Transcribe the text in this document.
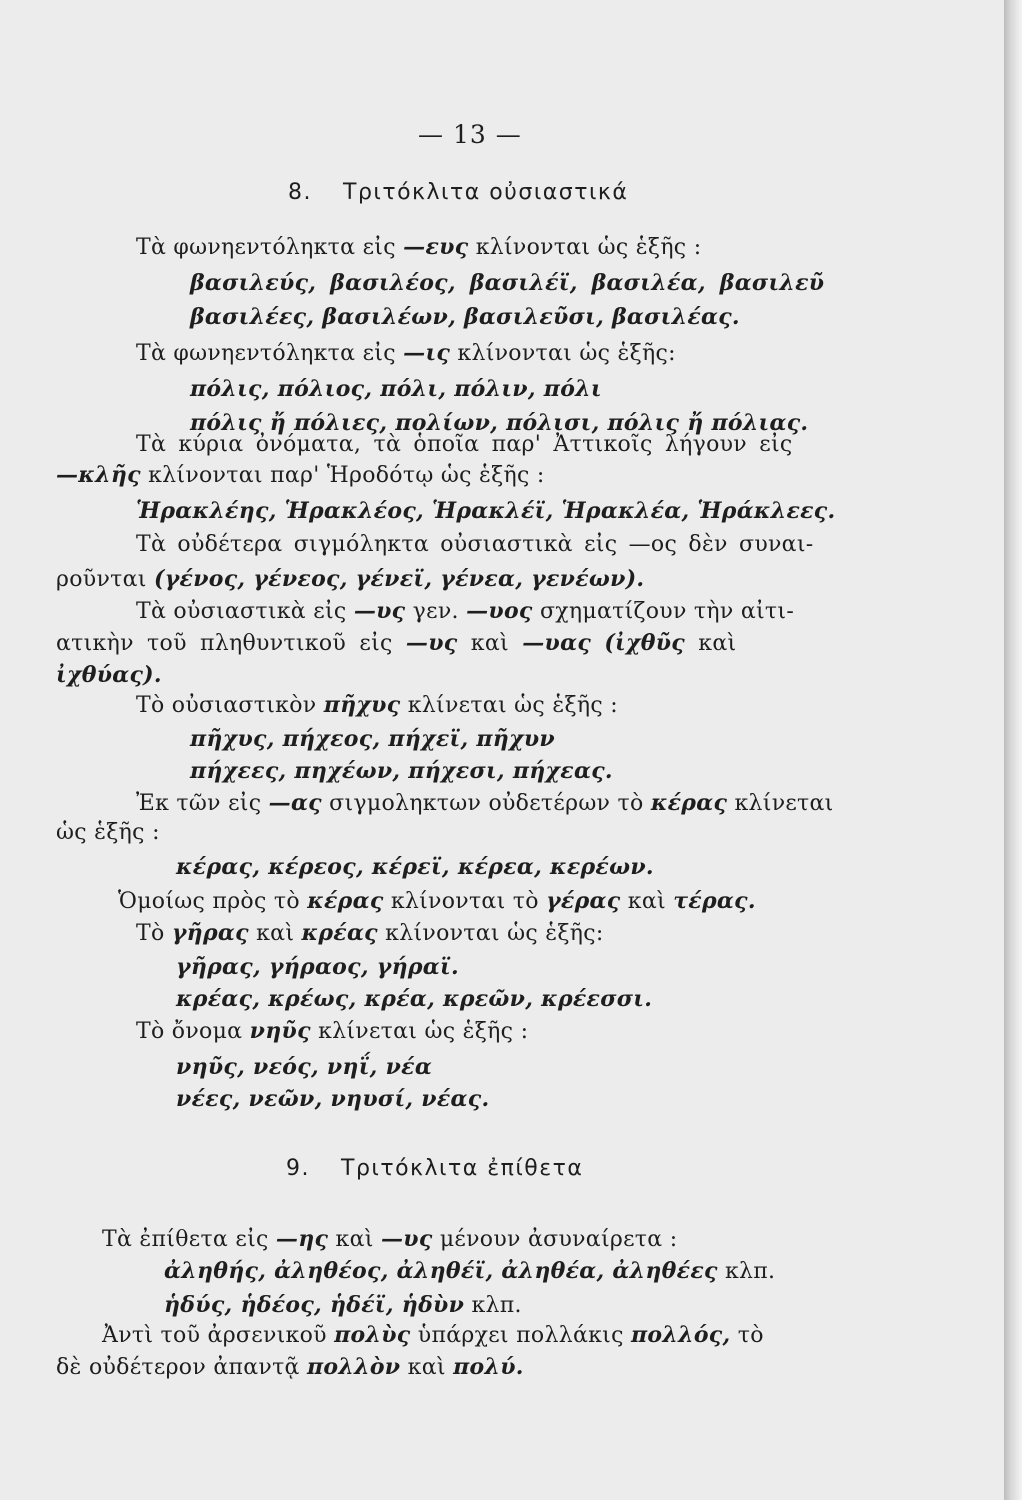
— 13 —
8. Τριτόκλιτα οὐσιαστικά
Τὰ φωνηεντόληκτα εἰς —ευς κλίνονται ὡς ἑξῆς :
βασιλεύς, βασιλέος, βασιλέϊ, βασιλέα, βασιλεῦ
βασιλέες, βασιλέων, βασιλεῦσι, βασιλέας.
Τὰ φωνηεντόληκτα εἰς —ις κλίνονται ὡς ἑξῆς:
πόλις, πόλιος, πόλι, πόλιν, πόλι
πόλις ἤ πόλιες, πολίων, πόλισι, πόλις ἤ πόλιας.
Τὰ κύρια ὀνόματα, τὰ ὁποῖα παρ' Ἀττικοῖς λήγουν εἰς
—κλῆς κλίνονται παρ' Ἡροδότῳ ὡς ἑξῆς :
Ἡρακλέης, Ἡρακλέος, Ἡρακλέϊ, Ἡρακλέα, Ἡράκλεες.
Τὰ οὐδέτερα σιγμόληκτα οὐσιαστικὰ εἰς —ος δὲν συναι-
ροῦνται (γένος, γένεος, γένεϊ, γένεα, γενέων).
Τὰ οὐσιαστικὰ εἰς —υς γεν. —υος σχηματίζουν τὴν αἰτι-
ατικὴν τοῦ πληθυντικοῦ εἰς —υς καὶ —υας (ἰχθῦς καὶ
ἰχθύας).
Τὸ οὐσιαστικὸν πῆχυς κλίνεται ὡς ἑξῆς :
πῆχυς, πήχεος, πήχεϊ, πῆχυν
πήχεες, πηχέων, πήχεσι, πήχεας.
Ἐκ τῶν εἰς —ας σιγμοληκτων οὐδετέρων τὸ κέρας κλίνεται
ὡς ἑξῆς :
κέρας, κέρεος, κέρεϊ, κέρεα, κερέων.
Ὁμοίως πρὸς τὸ κέρας κλίνονται τὸ γέρας καὶ τέρας.
Τὸ γῆρας καὶ κρέας κλίνονται ὡς ἑξῆς:
γῆρας, γήραος, γήραϊ.
κρέας, κρέως, κρέα, κρεῶν, κρέεσσι.
Τὸ ὄνομα νηῦς κλίνεται ὡς ἑξῆς :
νηῦς, νεός, νηΐ, νέα
νέες, νεῶν, νηυσί, νέας.
9. Τριτόκλιτα ἐπίθετα
Τὰ ἐπίθετα εἰς —ης καὶ —υς μένουν ἀσυναίρετα :
ἀληθής, ἀληθέος, ἀληθέϊ, ἀληθέα, ἀληθέες κλπ.
ἡδύς, ἡδέος, ἡδέϊ, ἡδὺν κλπ.
Ἀντὶ τοῦ ἀρσενικοῦ πολὺς ὑπάρχει πολλάκις πολλός, τὸ
δὲ οὐδέτερον ἀπαντᾷ πολλὸν καὶ πολύ.
